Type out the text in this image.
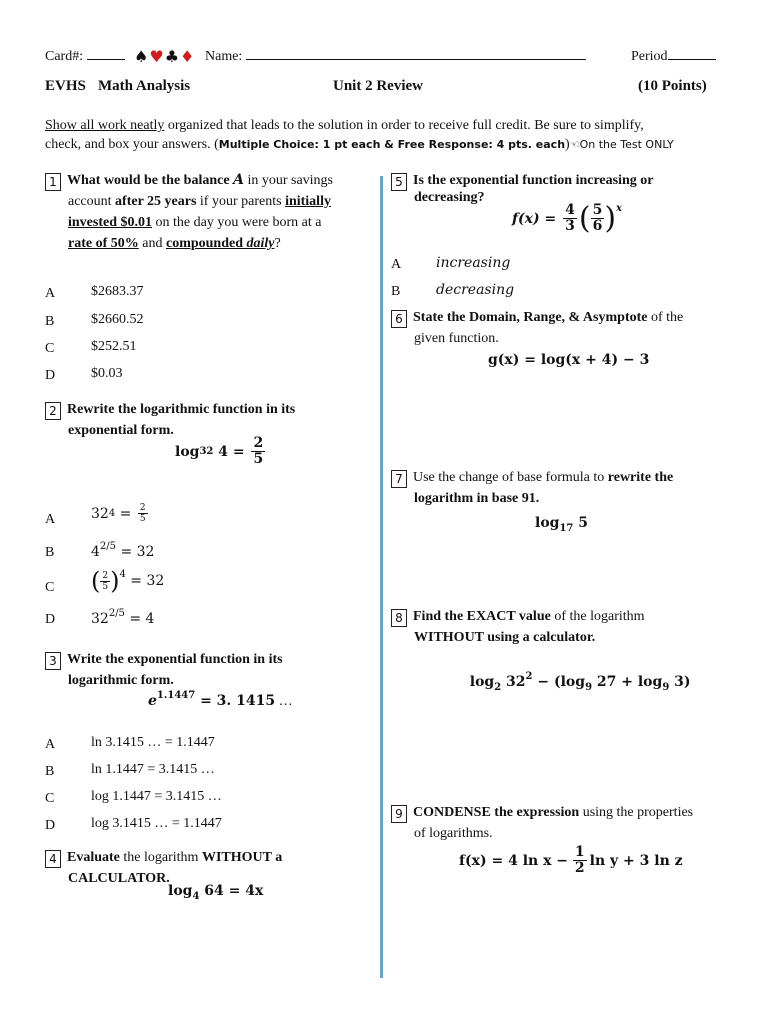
Card#:	♠♥♣♦ Name:	Period
EVHS Math Analysis	Unit 2 Review	(10 Points)
Show all work neatly organized that leads to the solution in order to receive full credit. Be sure to simplify,
check, and box your answers. (Multiple Choice: 1 pt each & Free Response: 4 pts. each)☜On the Test ONLY
1 What would be the balance A in your savings
account after 25 years if your parents initially
invested $0.01 on the day you were born at a
rate of 50% and compounded daily?
A	$2683.37
B	$2660.52
C	$252.51
D	$0.03
2 Rewrite the logarithmic function in its
exponential form.
log 32 $4 = \frac{2}{5}$
A	32 $4 = \frac{2}{5}$
B	$4^{2/5} = 32$
C ( $\frac{2}{5}$ ) 4 = 32
D	$32^{2/5} = 4$
3 Write the exponential function in its
logarithmic form.
$e^{1.1447} = 3$. 1415 …
A	ln 3.1415 … = 1.1447
B	ln 1.1447 = 3.1415 …
C	log 1.1447 = 3.1415 …
D	log 3.1415 … = 1.1447
4 Evaluate the logarithm WITHOUT a
CALCULATOR.
$\log_4 64 = 4x$
5 Is the exponential function increasing or
decreasing?
$f(x) = \frac{4}{3}$ ( $\frac{5}{6}$ ) x
A increasing
B	decreasing
6 State the Domain, Range, & Asymptote of the
given function.
g(x) = log(x + 4) − 3
7 Use the change of base formula to rewrite the
logarithm in base 91.
$\log_{17} 5$
8 Find the EXACT value of the logarithm
WITHOUT using a calculator.

$\log_2 32^2 - (\log_9$ $27 + \log_9 3$)

9 CONDENSE the expression using the properties
of logarithms.
f(x) = 4 $\ln x - \frac{1}{2}$ ln y + 3 ln z
